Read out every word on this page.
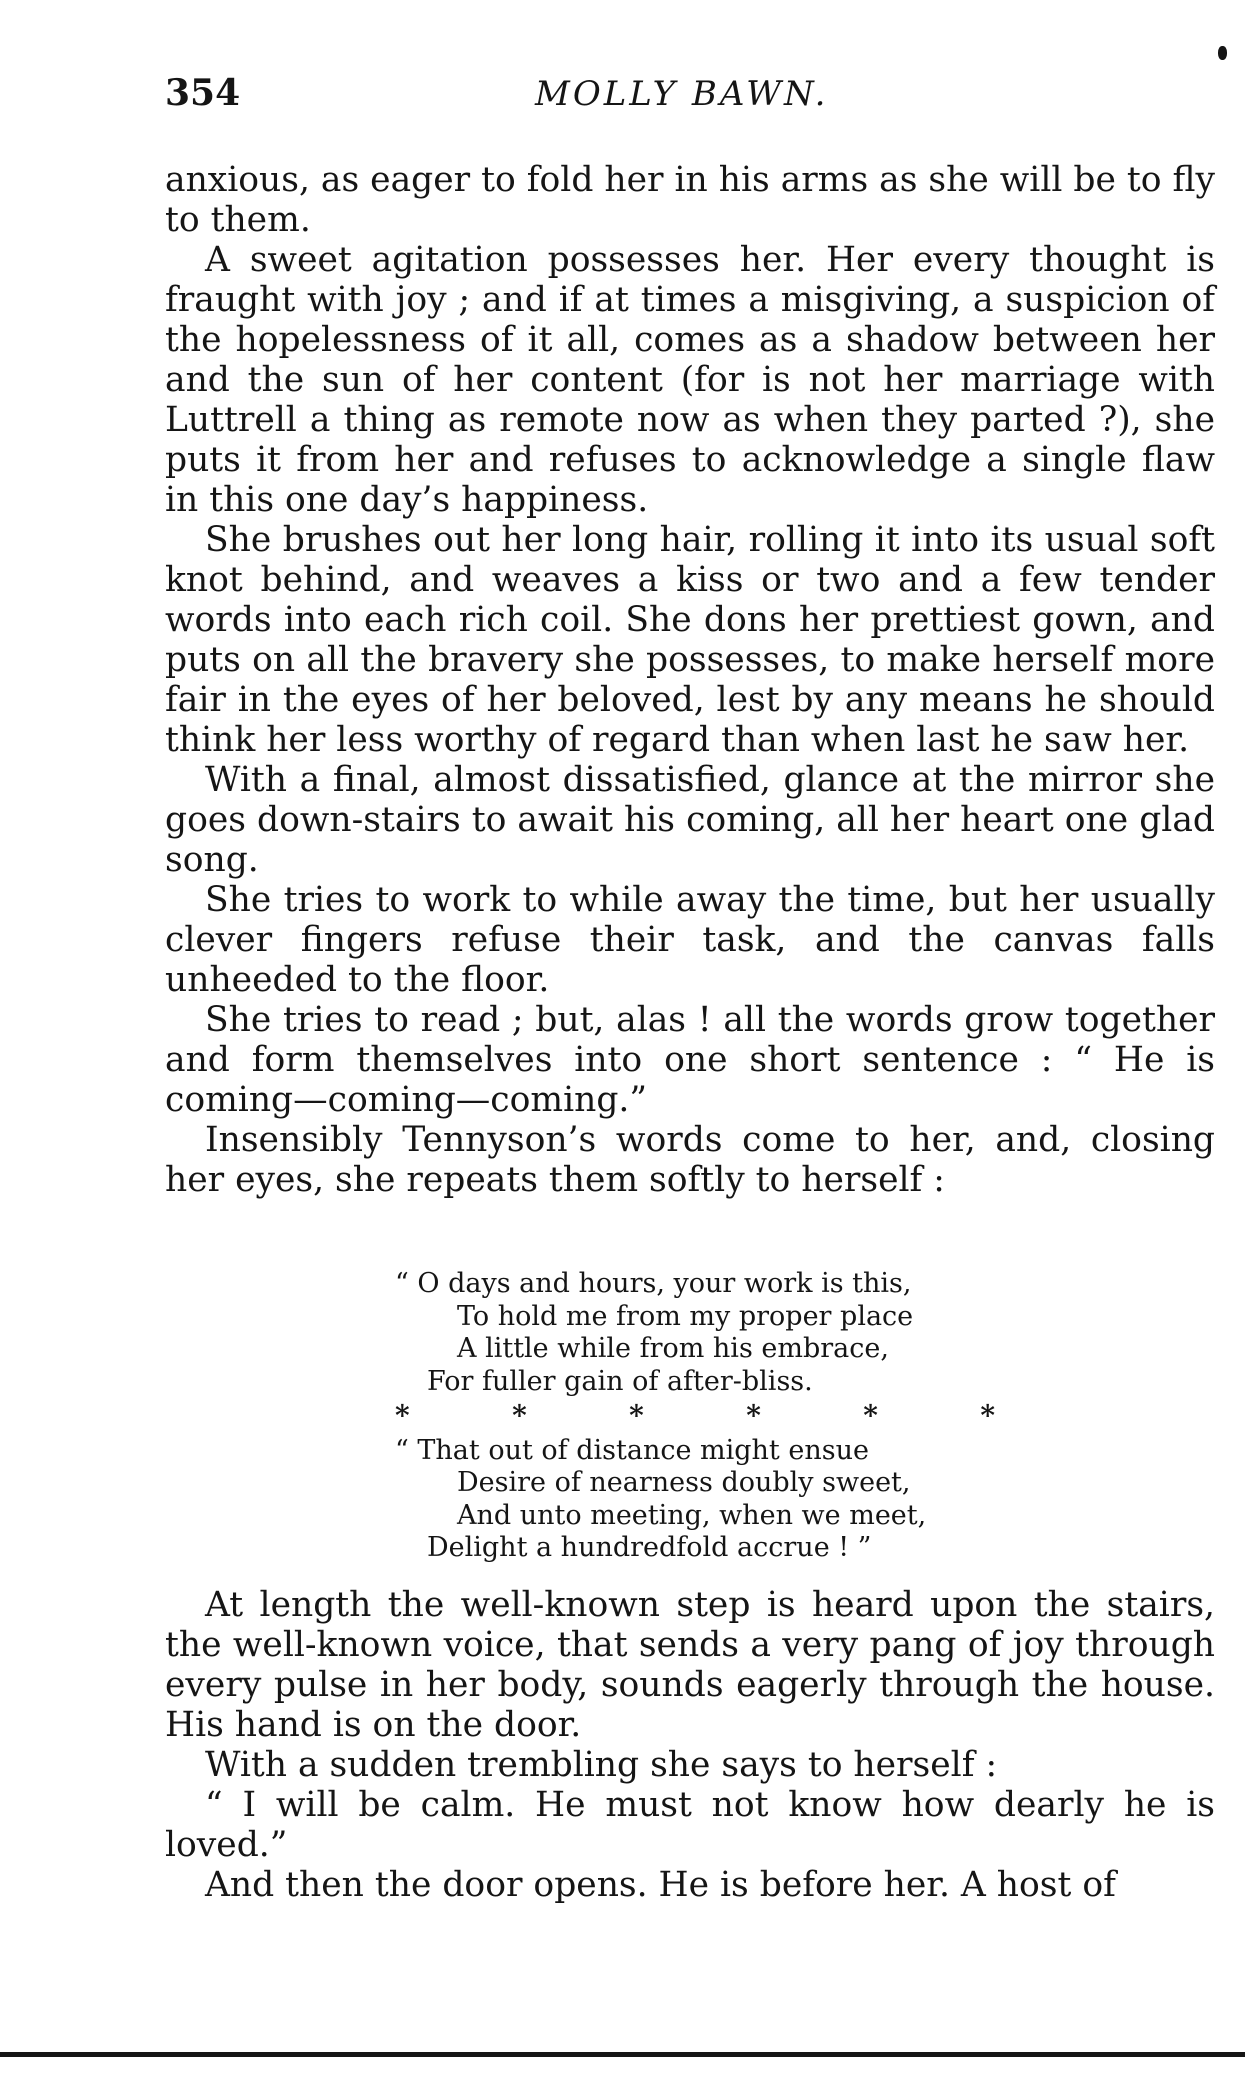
354	MOLLY BAWN.

anxious, as eager to fold her in his arms as she will be to fly to them.

A sweet agitation possesses her. Her every thought is fraught with joy ; and if at times a misgiving, a suspicion of the hopelessness of it all, comes as a shadow between her and the sun of her content (for is not her marriage with Luttrell a thing as remote now as when they parted ?), she puts it from her and refuses to acknowledge a single flaw in this one day’s happiness.

She brushes out her long hair, rolling it into its usual soft knot behind, and weaves a kiss or two and a few tender words into each rich coil. She dons her prettiest gown, and puts on all the bravery she possesses, to make herself more fair in the eyes of her beloved, lest by any means he should think her less worthy of regard than when last he saw her.

With a final, almost dissatisfied, glance at the mirror she goes down-stairs to await his coming, all her heart one glad song.

She tries to work to while away the time, but her usually clever fingers refuse their task, and the canvas falls unheeded to the floor.

She tries to read ; but, alas ! all the words grow together and form themselves into one short sentence : “ He is coming—coming—coming.”

Insensibly Tennyson’s words come to her, and, closing her eyes, she repeats them softly to herself :

“ O days and hours, your work is this,
To hold me from my proper place
A little while from his embrace,
For fuller gain of after-bliss.
*	*	*	*	*	*
“ That out of distance might ensue
Desire of nearness doubly sweet,
And unto meeting, when we meet,
Delight a hundredfold accrue ! ”

At length the well-known step is heard upon the stairs, the well-known voice, that sends a very pang of joy through every pulse in her body, sounds eagerly through the house. His hand is on the door.

With a sudden trembling she says to herself :

“ I will be calm. He must not know how dearly he is loved.”

And then the door opens. He is before her. A host of
